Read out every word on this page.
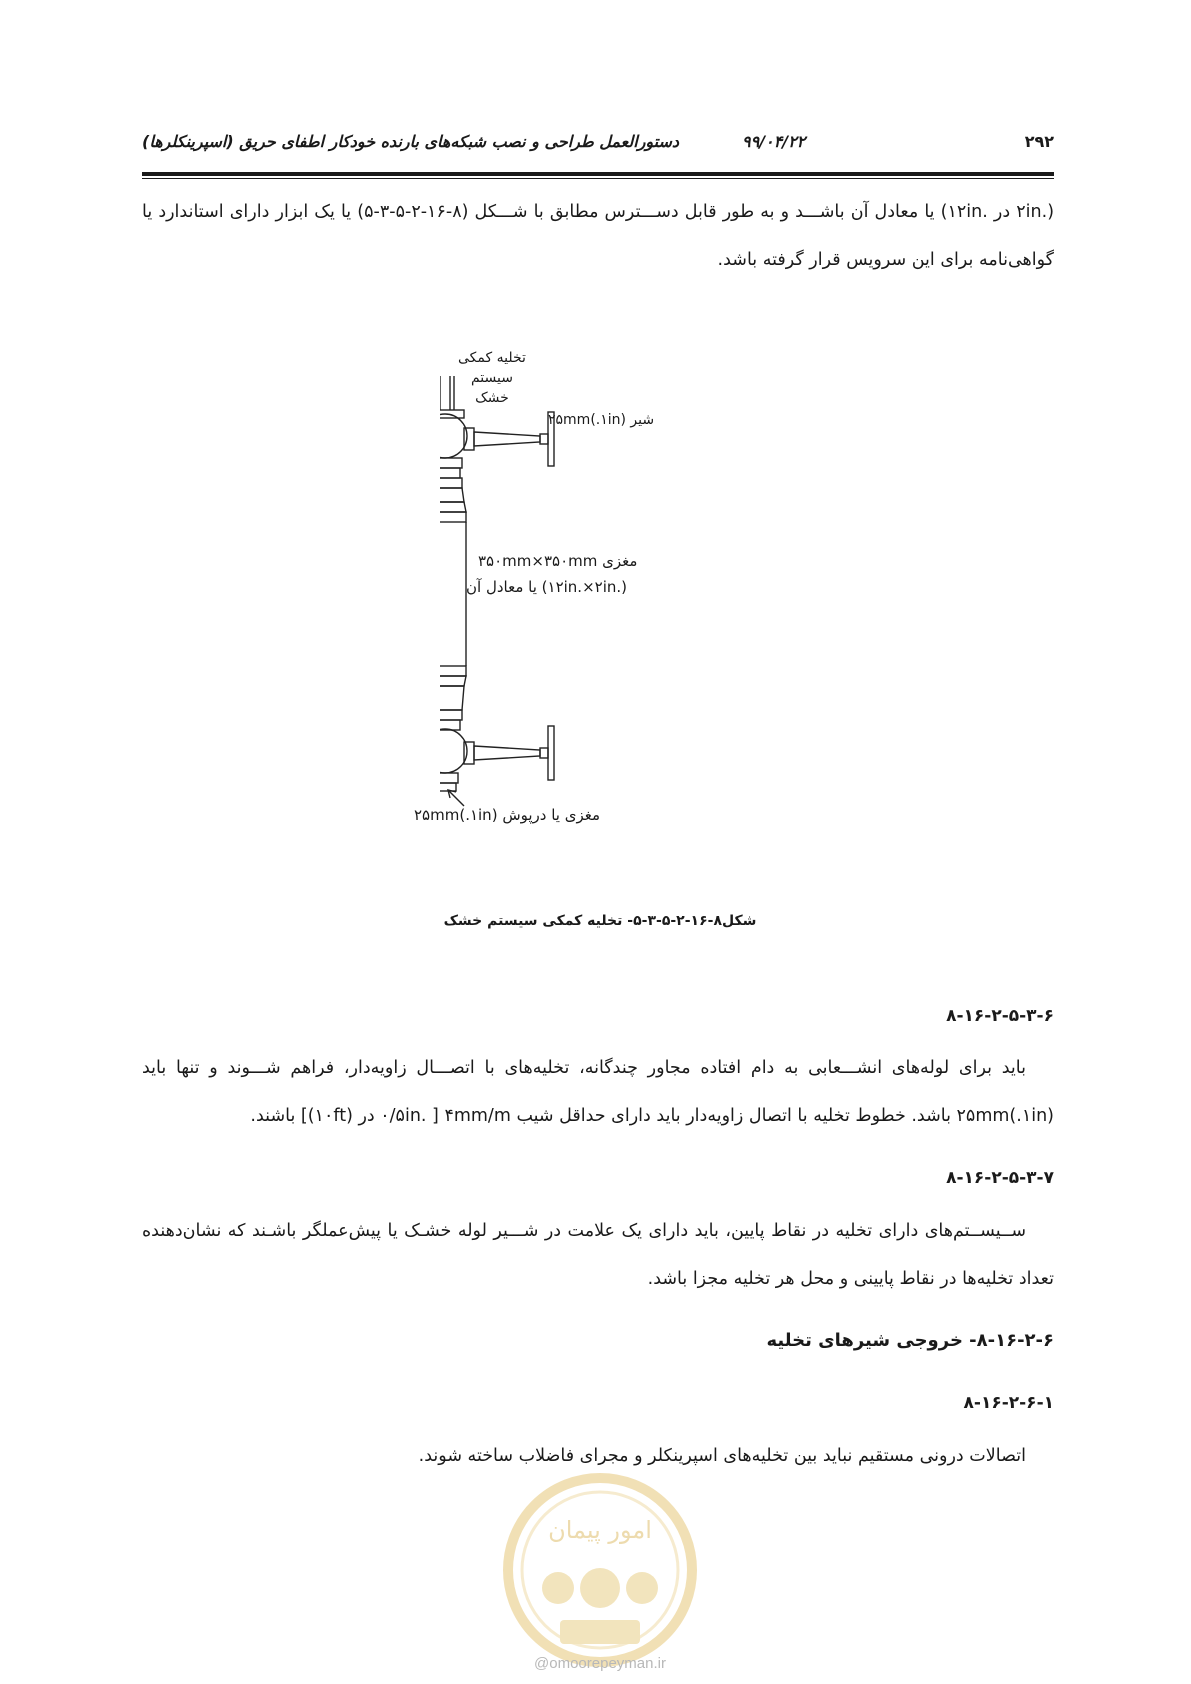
۲۹۲
۹۹/۰۴/۲۲
دستورالعمل طراحی و نصب شبکه‌های بارنده خودکار اطفای حریق (اسپرینکلرها)
(.۲in در .۱۲in) یا معادل آن باشـــد و به طور قابل دســـترس مطابق با شـــکل (۸-۱۶-۲-۵-۳-۵) یا یک ابزار دارای استاندارد یا گواهی‌نامه برای این سرویس قرار گرفته باشد.
تخلیه کمکی
سیستم
خشک
شیر ۲۵mm(.۱in)
مغزی ۳۵۰mm×۳۵۰mm
(.۱۲in.×۲in) یا معادل آن
مغزی یا درپوش ۲۵mm(.۱in)
شکل۸-۱۶-۲-۵-۳-۵- تخلیه کمکی سیستم خشک
۸-۱۶-۲-۵-۳-۶
باید برای لوله‌های انشـــعابی به دام افتاده مجاور چندگانه، تخلیه‌های با اتصـــال زاویه‌دار، فراهم شـــوند و تنها باید ۲۵mm(.۱in) باشد. خطوط تخلیه با اتصال زاویه‌دار باید دارای حداقل شیب ۴mm/m [ .۰/۵in در (۱۰ft)] باشند.
۸-۱۶-۲-۵-۳-۷
ســیســتم‌های دارای تخلیه در نقاط پایین، باید دارای یک علامت در شـــیر لوله خشـک یا پیش‌عملگر باشـند که نشان‌دهنده تعداد تخلیه‌ها در نقاط پایینی و محل هر تخلیه مجزا باشد.
۸-۱۶-۲-۶- خروجی شیرهای تخلیه
۸-۱۶-۲-۶-۱
اتصالات درونی مستقیم نباید بین تخلیه‌های اسپرینکلر و مجرای فاضلاب ساخته شوند.
امور پیمان
@omoorepeyman.ir
